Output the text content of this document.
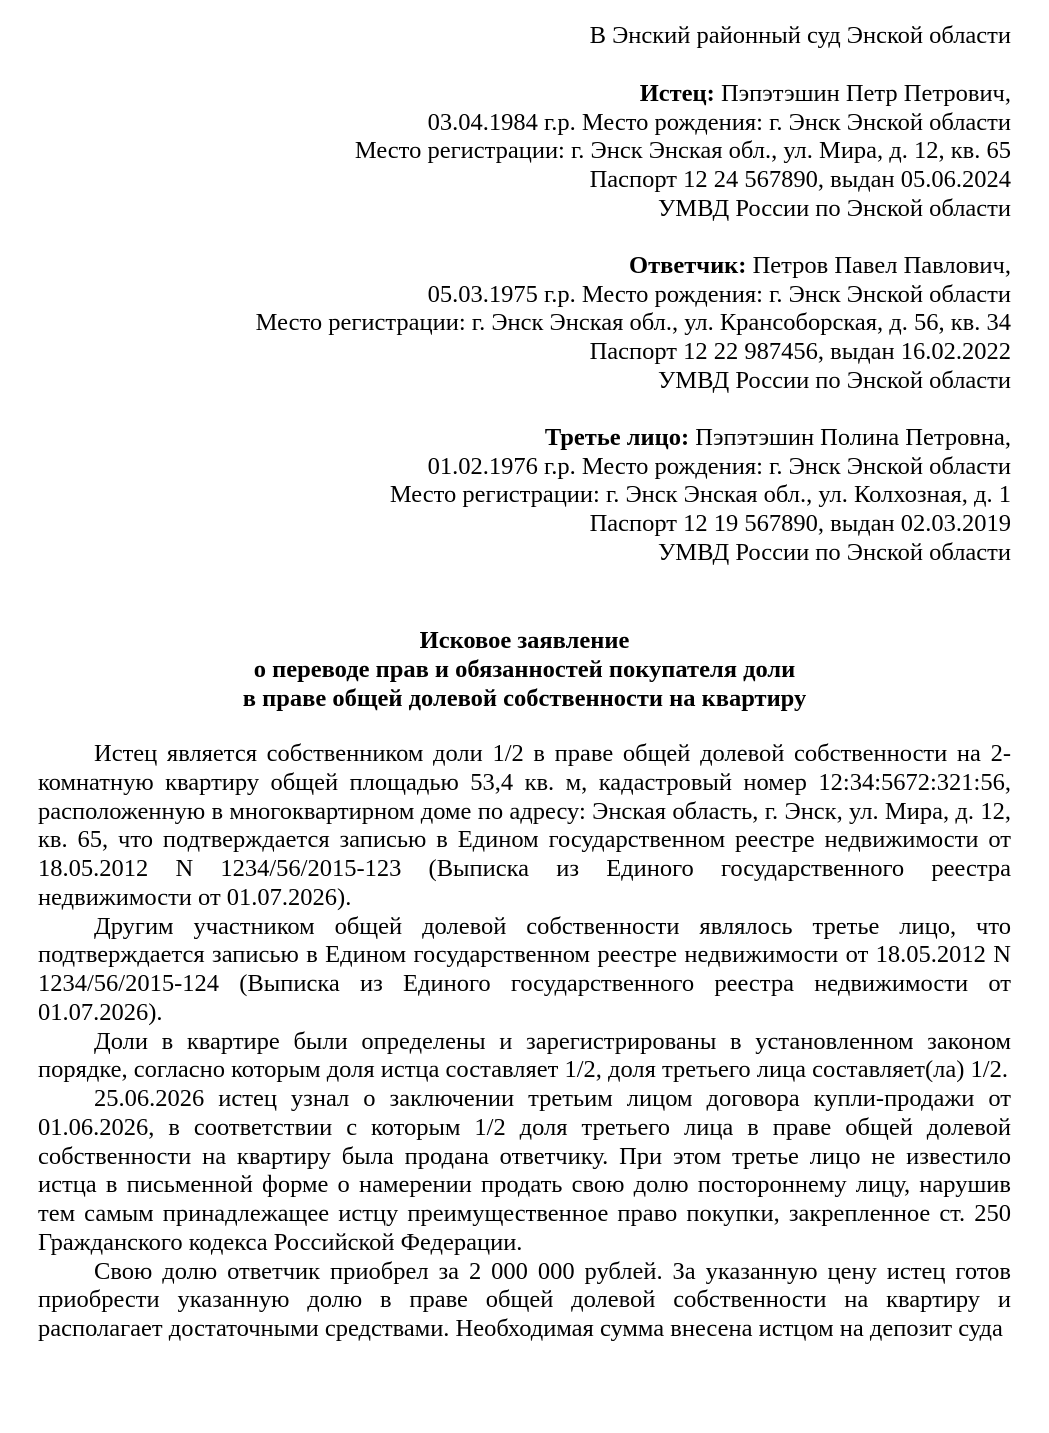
В Энский районный суд Энской области
Истец: Пэпэтэшин Петр Петрович,
03.04.1984 г.р. Место рождения: г. Энск Энской области
Место регистрации: г. Энск Энская обл., ул. Мира, д. 12, кв. 65
Паспорт 12 24 567890, выдан 05.06.2024
УМВД России по Энской области
Ответчик: Петров Павел Павлович,
05.03.1975 г.р. Место рождения: г. Энск Энской области
Место регистрации: г. Энск Энская обл., ул. Крансоборская, д. 56, кв. 34
Паспорт 12 22 987456, выдан 16.02.2022
УМВД России по Энской области
Третье лицо: Пэпэтэшин Полина Петровна,
01.02.1976 г.р. Место рождения: г. Энск Энской области
Место регистрации: г. Энск Энская обл., ул. Колхозная, д. 1
Паспорт 12 19 567890, выдан 02.03.2019
УМВД России по Энской области
Исковое заявление
о переводе прав и обязанностей покупателя доли
в праве общей долевой собственности на квартиру

Истец является собственником доли 1/2 в праве общей долевой собственности на 2-комнатную квартиру общей площадью 53,4 кв. м, кадастровый номер 12:34:5672:321:56, расположенную в многоквартирном доме по адресу: Энская область, г. Энск, ул. Мира, д. 12, кв. 65, что подтверждается записью в Едином государственном реестре недвижимости от 18.05.2012 N 1234/56/2015-123 (Выписка из Единого государственного реестра недвижимости от 01.07.2026).

Другим участником общей долевой собственности являлось третье лицо, что подтверждается записью в Едином государственном реестре недвижимости от 18.05.2012 N 1234/56/2015-124 (Выписка из Единого государственного реестра недвижимости от 01.07.2026).

Доли в квартире были определены и зарегистрированы в установленном законом порядке, согласно которым доля истца составляет 1/2, доля третьего лица составляет(ла) 1/2.

25.06.2026 истец узнал о заключении третьим лицом договора купли-продажи от 01.06.2026, в соответствии с которым 1/2 доля третьего лица в праве общей долевой собственности на квартиру была продана ответчику. При этом третье лицо не известило истца в письменной форме о намерении продать свою долю постороннему лицу, нарушив тем самым принадлежащее истцу преимущественное право покупки, закрепленное ст. 250 Гражданского кодекса Российской Федерации.

Свою долю ответчик приобрел за 2 000 000 рублей. За указанную цену истец готов приобрести указанную долю в праве общей долевой собственности на квартиру и располагает достаточными средствами. Необходимая сумма внесена истцом на депозит суда
